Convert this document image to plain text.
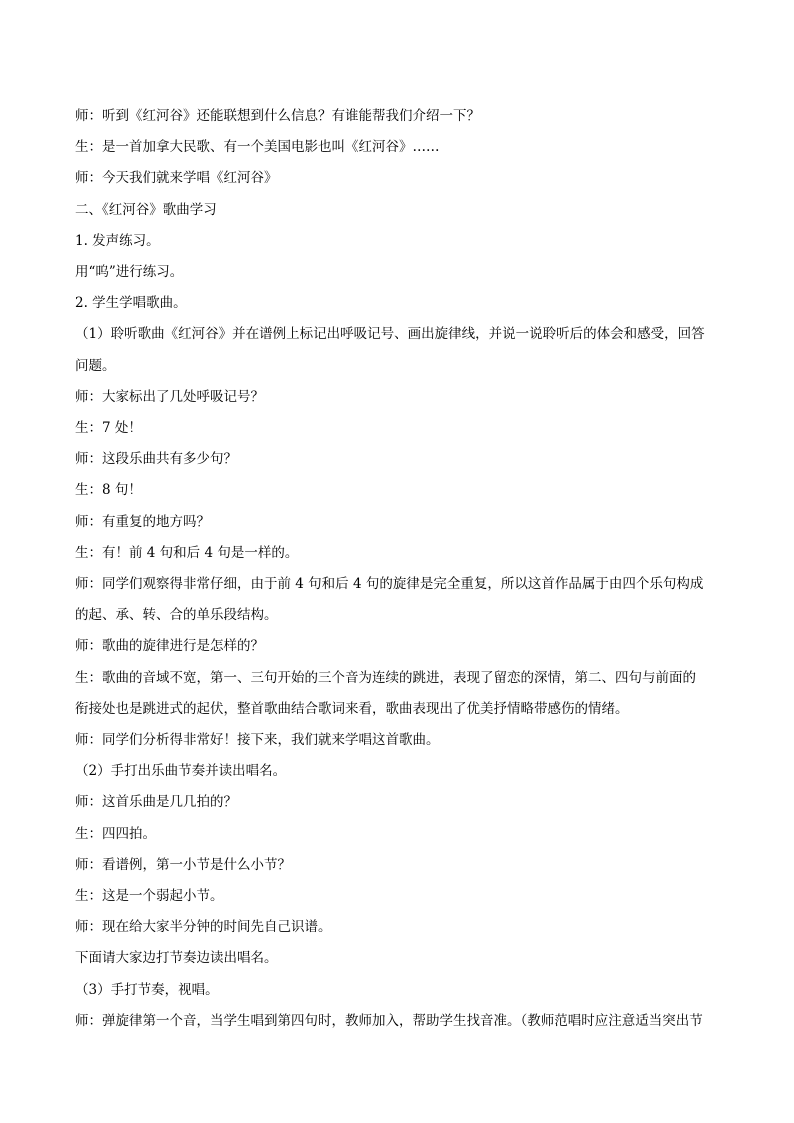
师：听到《红河谷》还能联想到什么信息？有谁能帮我们介绍一下？

生：是一首加拿大民歌、有一个美国电影也叫《红河谷》……

师：今天我们就来学唱《红河谷》

二、《红河谷》歌曲学习

1. 发声练习。

用“呜”进行练习。

2. 学生学唱歌曲。

（1）聆听歌曲《红河谷》并在谱例上标记出呼吸记号、画出旋律线，并说一说聆听后的体会和感受，回答

问题。

师：大家标出了几处呼吸记号？

生：7 处！

师：这段乐曲共有多少句？

生：8 句！

师：有重复的地方吗？

生：有！前 4 句和后 4 句是一样的。

师：同学们观察得非常仔细，由于前 4 句和后 4 句的旋律是完全重复，所以这首作品属于由四个乐句构成

的起、承、转、合的单乐段结构。

师：歌曲的旋律进行是怎样的？

生：歌曲的音域不宽，第一、三句开始的三个音为连续的跳进，表现了留恋的深情，第二、四句与前面的

衔接处也是跳进式的起伏，整首歌曲结合歌词来看，歌曲表现出了优美抒情略带感伤的情绪。

师：同学们分析得非常好！接下来，我们就来学唱这首歌曲。

（2）手打出乐曲节奏并读出唱名。

师：这首乐曲是几几拍的？

生：四四拍。

师：看谱例，第一小节是什么小节？

生：这是一个弱起小节。

师：现在给大家半分钟的时间先自己识谱。

下面请大家边打节奏边读出唱名。

（3）手打节奏，视唱。

师：弹旋律第一个音，当学生唱到第四句时，教师加入，帮助学生找音准。（教师范唱时应注意适当突出节
